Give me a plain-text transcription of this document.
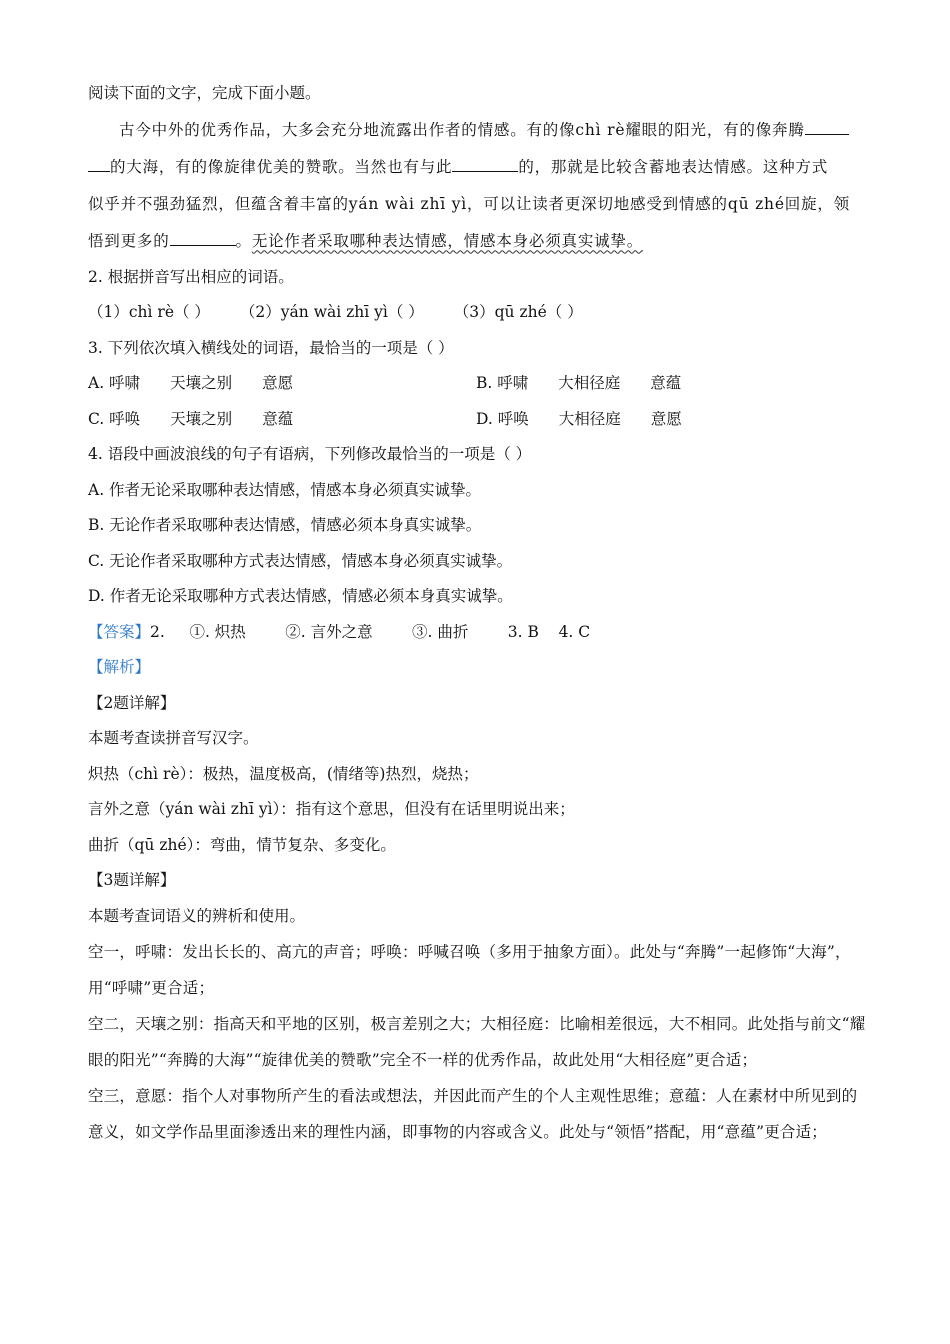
阅读下面的文字，完成下面小题。

古今中外的优秀作品，大多会充分地流露出作者的情感。有的像chì rè耀眼的阳光，有的像奔腾

的大海，有的像旋律优美的赞歌。当然也有与此	的，那就是比较含蓄地表达情感。这种方式

似乎并不强劲猛烈，但蕴含着丰富的yán wài zhī yì，可以让读者更深切地感受到情感的qū zhé回旋，领

悟到更多的	。无论作者采取哪种表达情感，情感本身必须真实诚挚。

2. 根据拼音写出相应的词语。
（1）chì rè（ ） （2）yán wài zhī yì（ ） （3）qū zhé（ ）
3. 下列依次填入横线处的词语，最恰当的一项是（ ）
A. 呼啸 天壤之别 意愿	B. 呼啸 大相径庭 意蕴
C. 呼唤 天壤之别 意蕴	D. 呼唤 大相径庭 意愿
4. 语段中画波浪线的句子有语病，下列修改最恰当的一项是（ ）
A. 作者无论采取哪种表达情感，情感本身必须真实诚挚。
B. 无论作者采取哪种表达情感，情感必须本身真实诚挚。
C. 无论作者采取哪种方式表达情感，情感本身必须真实诚挚。
D. 作者无论采取哪种方式表达情感，情感必须本身真实诚挚。
【答案】2.     ①. 炽热        ②. 言外之意        ③. 曲折        3. B    4. C
【解析】
【2题详解】
本题考查读拼音写汉字。
炽热（chì rè）：极热，温度极高，(情绪等)热烈，烧热；
言外之意（yán wài zhī yì）：指有这个意思，但没有在话里明说出来；
曲折（qū zhé）：弯曲，情节复杂、多变化。
【3题详解】
本题考查词语义的辨析和使用。

空一，呼啸：发出长长的、高亢的声音；呼唤：呼喊召唤（多用于抽象方面）。此处与“奔腾”一起修饰“大海”，用“呼啸”更合适；

空二，天壤之别：指高天和平地的区别，极言差别之大；大相径庭：比喻相差很远，大不相同。此处指与前文“耀眼的阳光”“奔腾的大海”“旋律优美的赞歌”完全不一样的优秀作品，故此处用“大相径庭”更合适；

空三，意愿：指个人对事物所产生的看法或想法，并因此而产生的个人主观性思维；意蕴：人在素材中所见到的意义，如文学作品里面渗透出来的理性内涵，即事物的内容或含义。此处与“领悟”搭配，用“意蕴”更合适；
